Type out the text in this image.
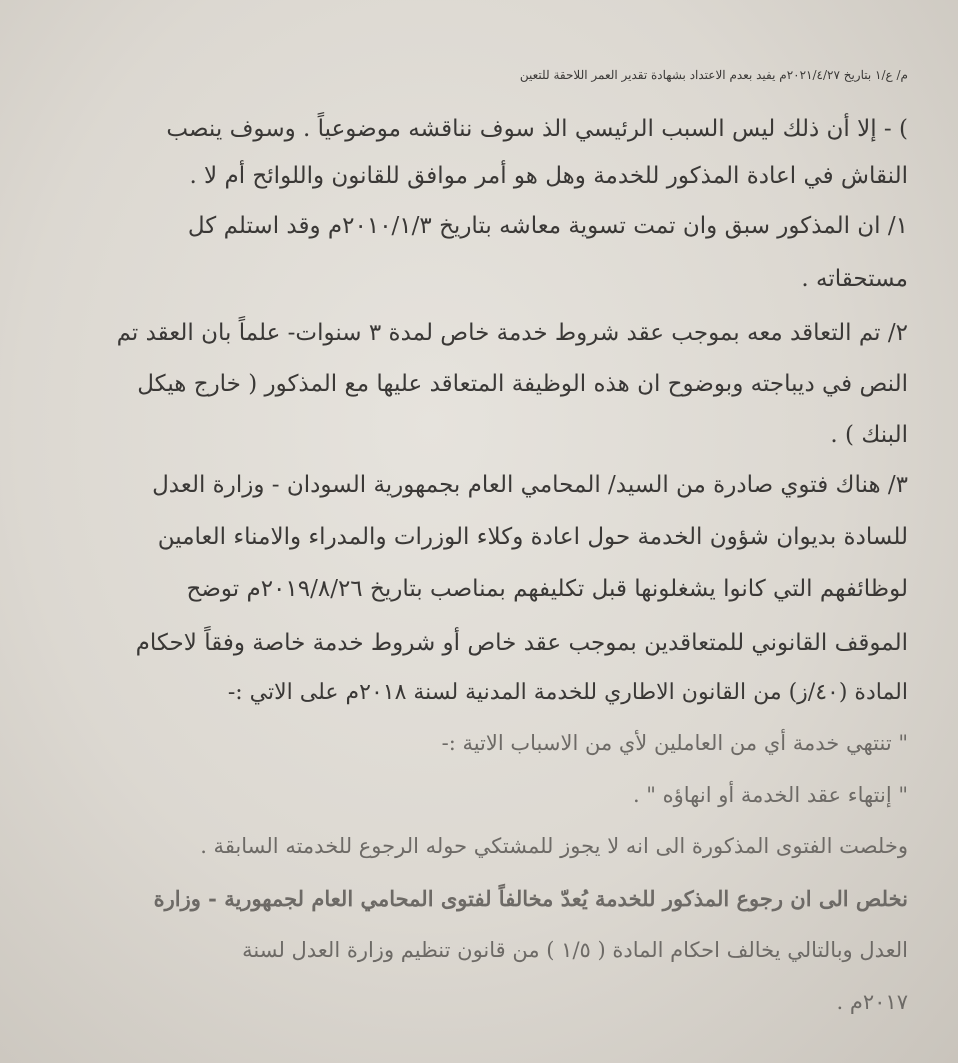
م/ ع/١ بتاريخ ٢٠٢١/٤/٢٧م يفيد بعدم الاعتداد بشهادة تقدير العمر اللاحقة للتعين
) - إلا أن ذلك ليس السبب الرئيسي الذ سوف نناقشه موضوعياً . وسوف ينصب
النقاش في اعادة المذكور للخدمة وهل هو أمر موافق للقانون واللوائح أم لا .
١/ ان المذكور سبق وان تمت تسوية معاشه بتاريخ ٢٠١٠/١/٣م وقد استلم كل
مستحقاته .
٢/ تم التعاقد معه بموجب عقد شروط خدمة خاص لمدة ٣ سنوات- علماً بان العقد تم
النص في ديباجته وبوضوح ان هذه الوظيفة المتعاقد عليها مع المذكور ( خارج هيكل
البنك ) .
٣/ هناك فتوي صادرة من السيد/ المحامي العام بجمهورية السودان - وزارة العدل
للسادة بديوان شؤون الخدمة حول اعادة وكلاء الوزرات والمدراء والامناء العامين
لوظائفهم التي كانوا يشغلونها قبل تكليفهم بمناصب بتاريخ ٢٠١٩/٨/٢٦م توضح
الموقف القانوني للمتعاقدين بموجب عقد خاص أو شروط خدمة خاصة وفقاً لاحكام
المادة (٤٠/ز) من القانون الاطاري للخدمة المدنية لسنة ٢٠١٨م على الاتي :-
" تنتهي خدمة أي من العاملين لأي من الاسباب الاتية :-
" إنتهاء عقد الخدمة أو انهاؤه " .
وخلصت الفتوى المذكورة الى انه لا يجوز للمشتكي حوله الرجوع للخدمته السابقة .
نخلص الى ان رجوع المذكور للخدمة يُعدّ مخالفاً لفتوى المحامي العام لجمهورية - وزارة
العدل وبالتالي يخالف احكام المادة ( ١/٥ ) من قانون تنظيم وزارة العدل لسنة
٢٠١٧م .
